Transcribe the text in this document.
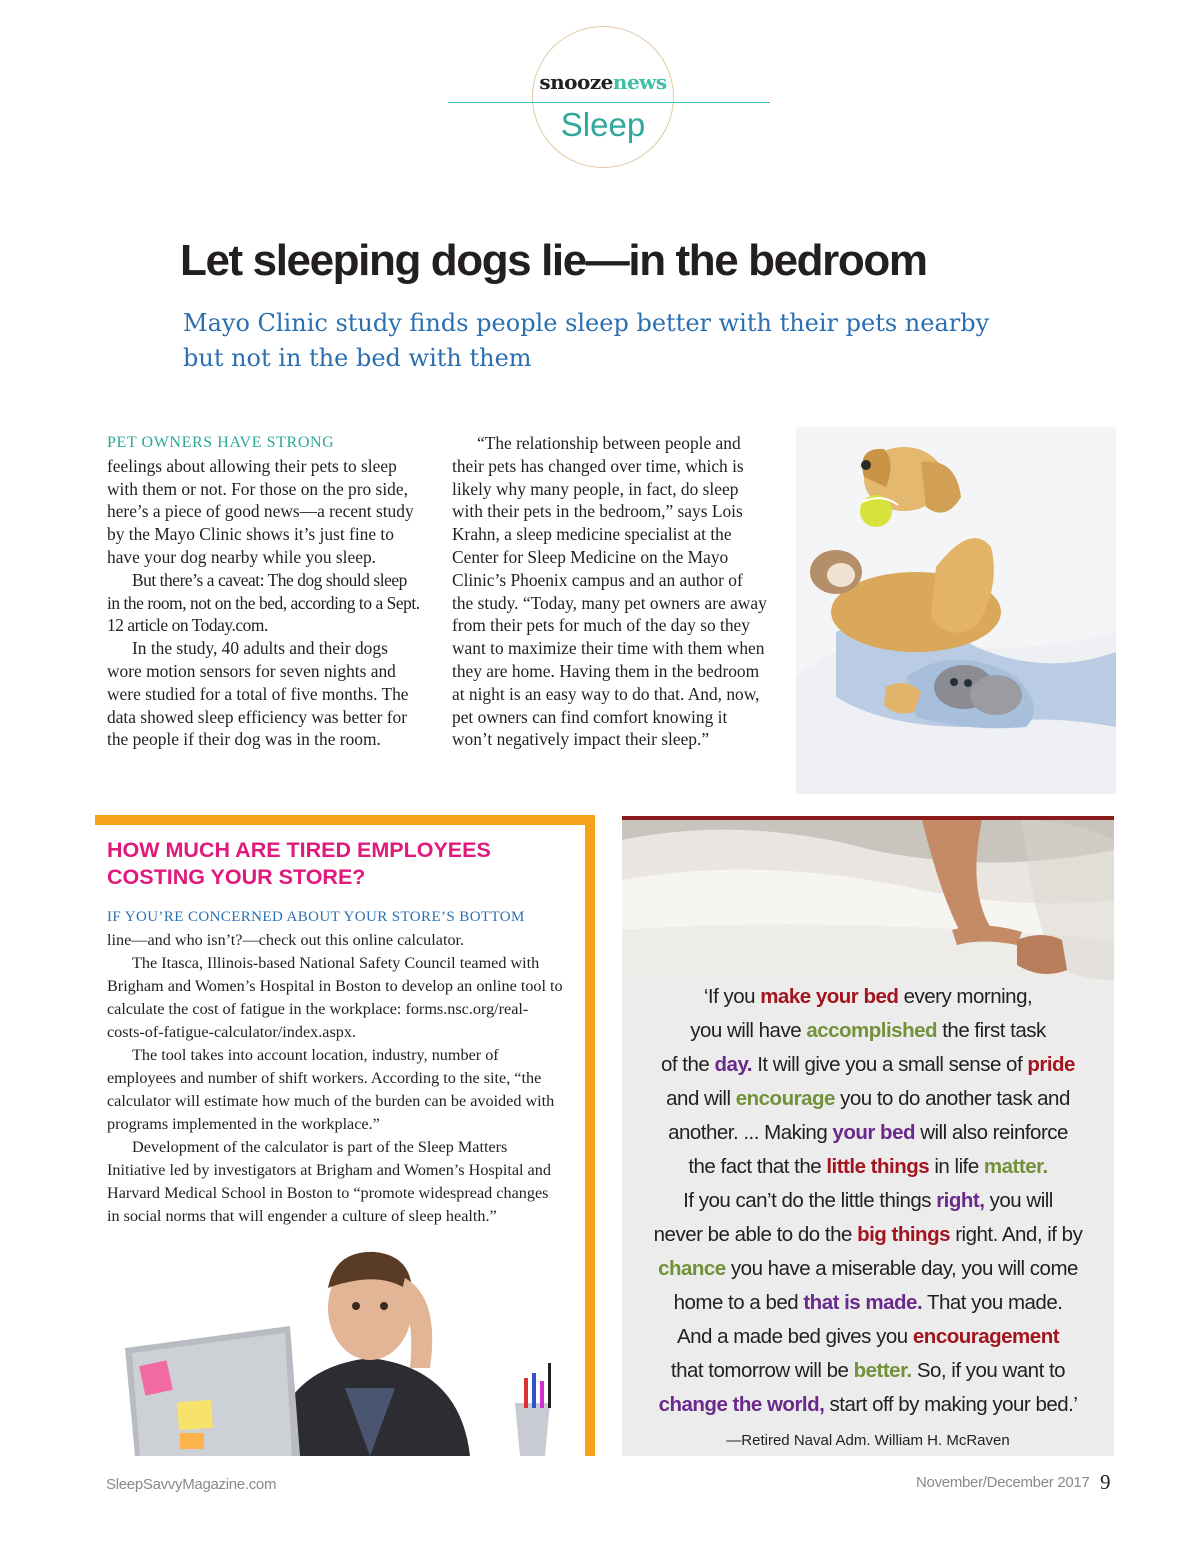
snoozenews
Sleep
Let sleeping dogs lie—in the bedroom
Mayo Clinic study finds people sleep better with their pets nearby but not in the bed with them

PET OWNERS HAVE STRONG

feelings about allowing their pets to sleep with them or not. For those on the pro side, here’s a piece of good news—a recent study by the Mayo Clinic shows it’s just fine to have your dog nearby while you sleep.

But there’s a caveat: The dog should sleep in the room, not on the bed, according to a Sept. 12 article on Today.com.

In the study, 40 adults and their dogs wore motion sensors for seven nights and were studied for a total of five months. The data showed sleep efficiency was better for the people if their dog was in the room.

“The relationship between people and their pets has changed over time, which is likely why many people, in fact, do sleep with their pets in the bedroom,” says Lois Krahn, a sleep medicine specialist at the Center for Sleep Medicine on the Mayo Clinic’s Phoenix campus and an author of the study. “Today, many pet owners are away from their pets for much of the day so they want to maximize their time with them when they are home. Having them in the bedroom at night is an easy way to do that. And, now, pet owners can find comfort knowing it won’t negatively impact their sleep.”

HOW MUCH ARE TIRED EMPLOYEES COSTING YOUR STORE?

IF YOU’RE CONCERNED ABOUT YOUR STORE’S BOTTOM

line—and who isn’t?—check out this online calculator.

The Itasca, Illinois-based National Safety Council teamed with Brigham and Women’s Hospital in Boston to develop an online tool to calculate the cost of fatigue in the workplace: forms.nsc.org/real-costs-of-fatigue-calculator/index.aspx.

The tool takes into account location, industry, number of employees and number of shift workers. According to the site, “the calculator will estimate how much of the burden can be avoided with programs implemented in the workplace.”

Development of the calculator is part of the Sleep Matters Initiative led by investigators at Brigham and Women’s Hospital and Harvard Medical School in Boston to “promote widespread changes in social norms that will engender a culture of sleep health.”

‘If you make your bed every morning,
you will have accomplished the first task
of the day. It will give you a small sense of pride
and will encourage you to do another task and
another. ... Making your bed will also reinforce
the fact that the little things in life matter.
If you can’t do the little things right, you will
never be able to do the big things right. And, if by
chance you have a miserable day, you will come
home to a bed that is made. That you made.
And a made bed gives you encouragement
that tomorrow will be better. So, if you want to
change the world, start off by making your bed.’
—Retired Naval Adm. William H. McRaven
SleepSavvyMagazine.com	November/December 2017 9
